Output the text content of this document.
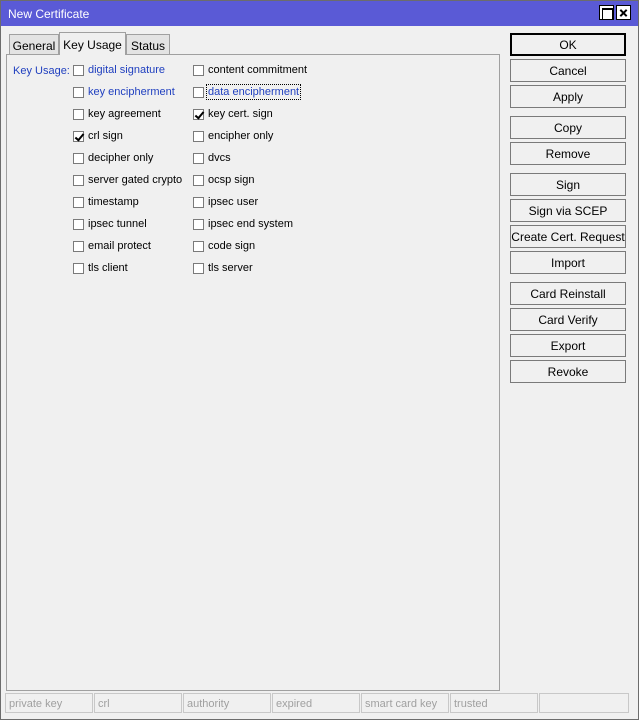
New Certificate
General Key Usage Status
Key Usage: digital signature
key encipherment
key agreement
crl sign
decipher only
server gated crypto
timestamp
ipsec tunnel
email protect
tls client
content commitment
data encipherment
key cert. sign
encipher only
dvcs
ocsp sign
ipsec user
ipsec end system
code sign
tls server
OK
Cancel
Apply
Copy
Remove
Sign
Sign via SCEP
Create Cert. Request
Import
Card Reinstall
Card Verify
Export
Revoke
private key	crl	authority	expired	smart card key	trusted
